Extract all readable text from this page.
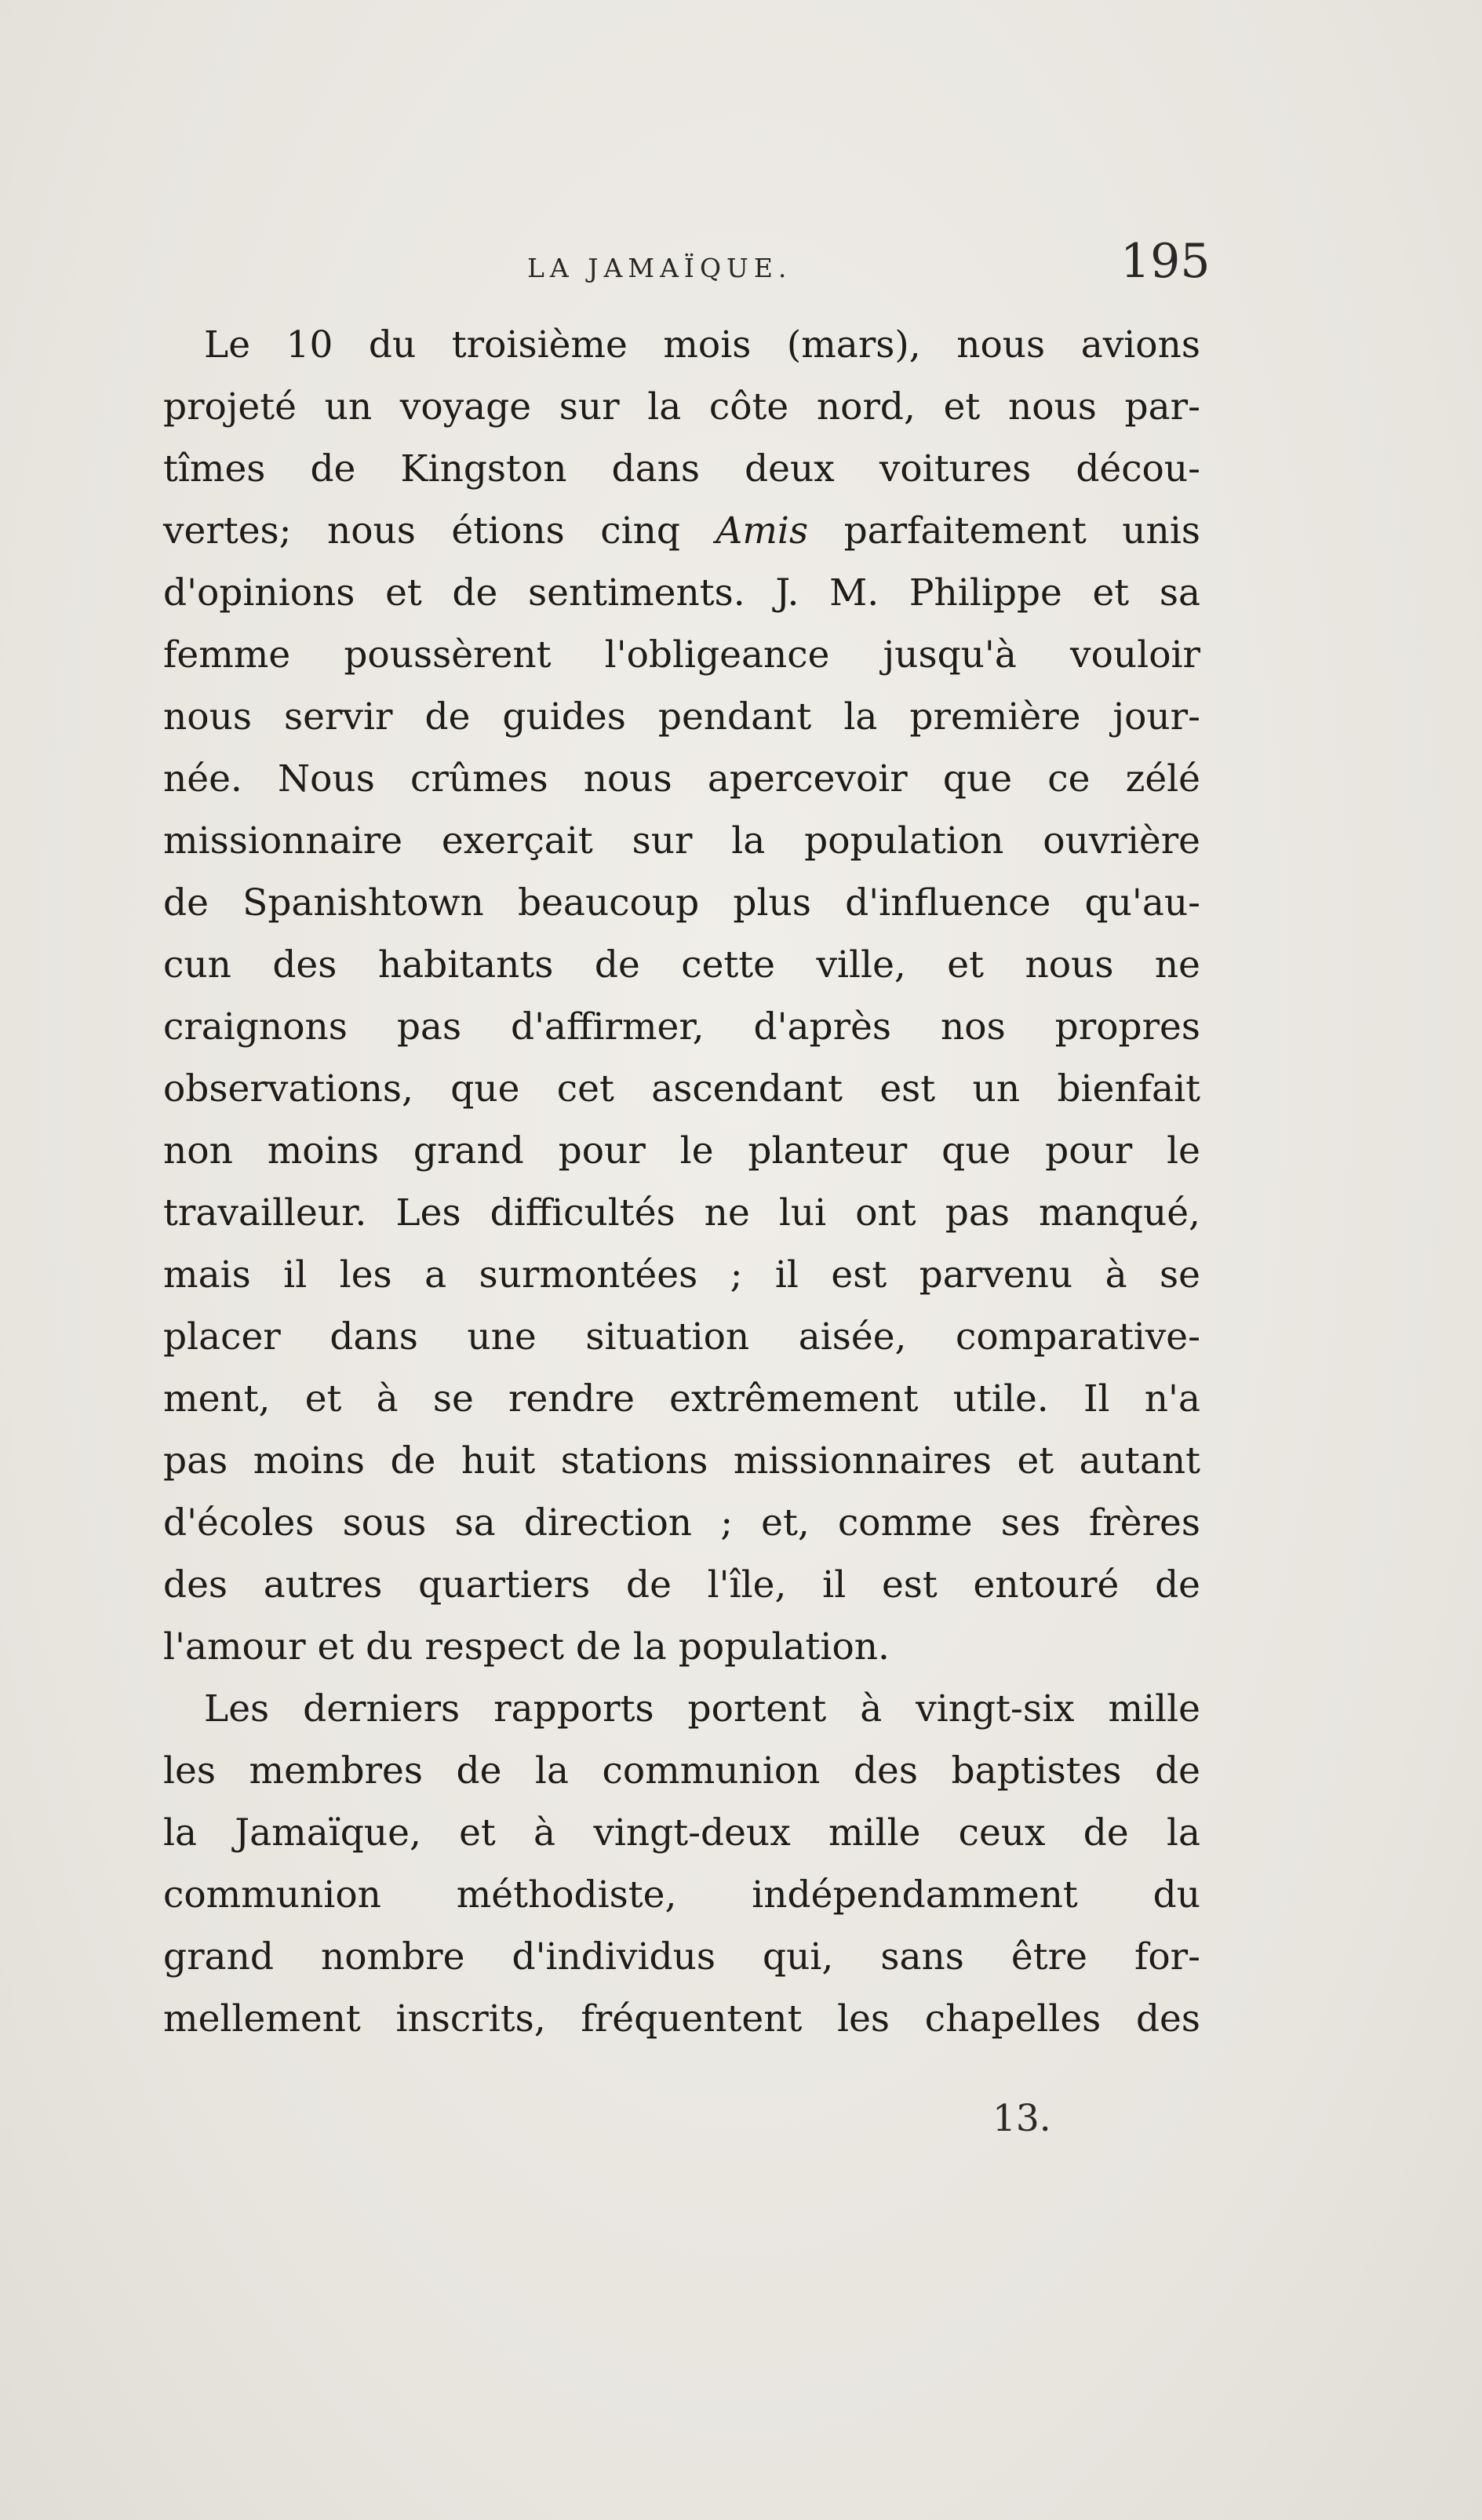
LA JAMAÏQUE.	195
Le 10 du troisième mois (mars), nous avions
projeté un voyage sur la côte nord, et nous par-
tîmes de Kingston dans deux voitures décou-
vertes; nous étions cinq Amis parfaitement unis
d'opinions et de sentiments. J. M. Philippe et sa
femme poussèrent l'obligeance jusqu'à vouloir
nous servir de guides pendant la première jour-
née. Nous crûmes nous apercevoir que ce zélé
missionnaire exerçait sur la population ouvrière
de Spanishtown beaucoup plus d'influence qu'au-
cun des habitants de cette ville, et nous ne
craignons pas d'affirmer, d'après nos propres
observations, que cet ascendant est un bienfait
non moins grand pour le planteur que pour le
travailleur. Les difficultés ne lui ont pas manqué,
mais il les a surmontées ; il est parvenu à se
placer dans une situation aisée, comparative-
ment, et à se rendre extrêmement utile. Il n'a
pas moins de huit stations missionnaires et autant
d'écoles sous sa direction ; et, comme ses frères
des autres quartiers de l'île, il est entouré de
l'amour et du respect de la population.
Les derniers rapports portent à vingt-six mille
les membres de la communion des baptistes de
la Jamaïque, et à vingt-deux mille ceux de la
communion méthodiste, indépendamment du
grand nombre d'individus qui, sans être for-
mellement inscrits, fréquentent les chapelles des
13.
